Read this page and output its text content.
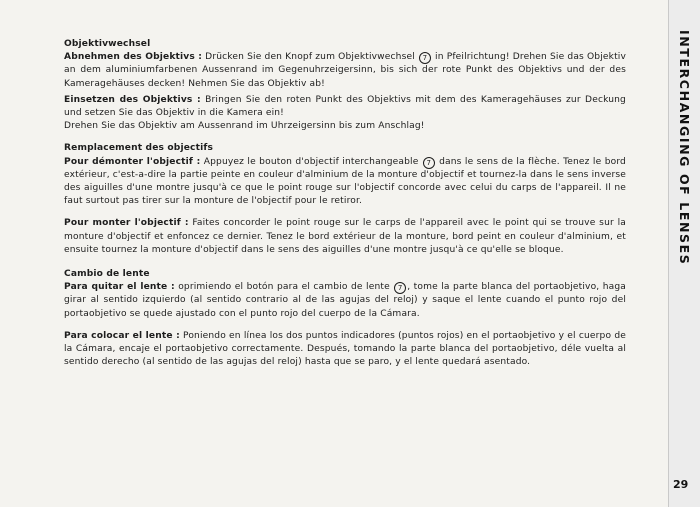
Objektivwechsel

Abnehmen des Objektivs : Drücken Sie den Knopf zum Objektivwechsel 7 in Pfeilrichtung! Drehen Sie das Objektiv an dem aluminiumfarbenen Aussenrand im Gegenuhrzeigersinn, bis sich der rote Punkt des Objektivs und der des Kameragehäuses decken! Nehmen Sie das Objektiv ab!

Einsetzen des Objektivs : Bringen Sie den roten Punkt des Objektivs mit dem des Kameragehäuses zur Deckung und setzen Sie das Objektiv in die Kamera ein!

Drehen Sie das Objektiv am Aussenrand im Uhrzeigersinn bis zum Anschlag!

Remplacement des objectifs

Pour démonter l'objectif : Appuyez le bouton d'objectif interchangeable 7 dans le sens de la flèche. Tenez le bord extérieur, c'est-a-dire la partie peinte en couleur d'alminium de la monture d'objectif et tournez-la dans le sens inverse des aiguilles d'une montre jusqu'à ce que le point rouge sur l'objectif concorde avec celui du carps de l'appareil. Il ne faut surtout pas tirer sur la monture de l'objectif pour le retiror.

Pour monter l'objectif : Faites concorder le point rouge sur le carps de l'appareil avec le point qui se trouve sur la monture d'objectif et enfoncez ce dernier. Tenez le bord extérieur de la monture, bord peint en couleur d'alminium, et ensuite tournez la monture d'objectif dans le sens des aiguilles d'une montre jusqu'à ce qu'elle se bloque.

Cambio de lente

Para quitar el lente : oprimiendo el botón para el cambio de lente 7 , tome la parte blanca del portaobjetivo, haga girar al sentido izquierdo (al sentido contrario al de las agujas del reloj) y saque el lente cuando el punto rojo del portaobjetivo se quede ajustado con el punto rojo del cuerpo de la Cámara.

Para colocar el lente : Poniendo en línea los dos puntos indicadores (puntos rojos) en el portaobjetivo y el cuerpo de la Cámara, encaje el portaobjetivo correctamente. Después, tomando la parte blanca del portaobjetivo, déle vuelta al sentido derecho (al sentido de las agujas del reloj) hasta que se paro, y el lente quedará asentado.

INTERCHANGING OF LENSES
29
